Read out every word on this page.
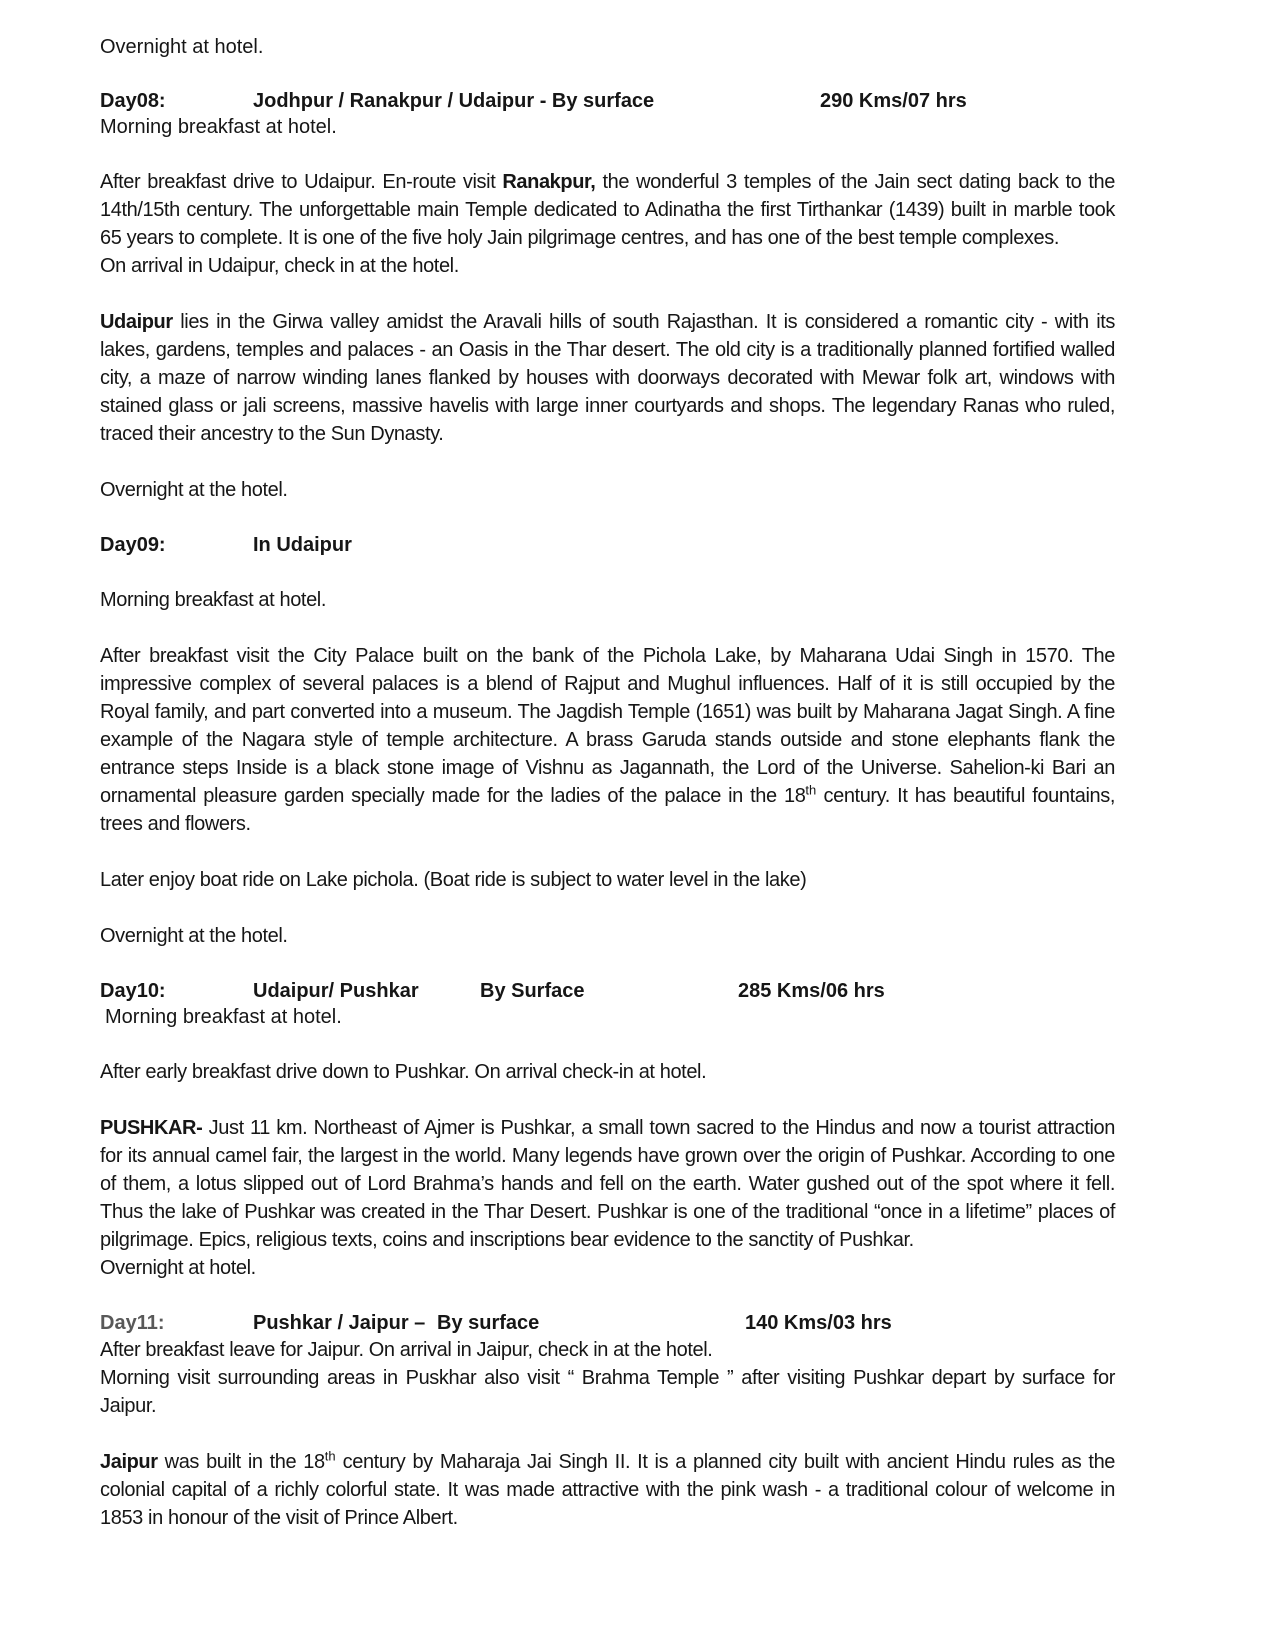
Overnight at hotel.
Day08:	Jodhpur / Ranakpur / Udaipur - By surface	290 Kms/07 hrs
Morning breakfast at hotel.
After breakfast drive to Udaipur. En-route visit Ranakpur, the wonderful 3 temples of the Jain sect dating back to the 14th/15th century. The unforgettable main Temple dedicated to Adinatha the first Tirthankar (1439) built in marble took 65 years to complete. It is one of the five holy Jain pilgrimage centres, and has one of the best temple complexes.
On arrival in Udaipur, check in at the hotel.
Udaipur lies in the Girwa valley amidst the Aravali hills of south Rajasthan. It is considered a romantic city - with its lakes, gardens, temples and palaces - an Oasis in the Thar desert. The old city is a traditionally planned fortified walled city, a maze of narrow winding lanes flanked by houses with doorways decorated with Mewar folk art, windows with stained glass or jali screens, massive havelis with large inner courtyards and shops. The legendary Ranas who ruled, traced their ancestry to the Sun Dynasty.
Overnight at the hotel.
Day09:	In Udaipur
Morning breakfast at hotel.
After breakfast visit the City Palace built on the bank of the Pichola Lake, by Maharana Udai Singh in 1570. The impressive complex of several palaces is a blend of Rajput and Mughul influences. Half of it is still occupied by the Royal family, and part converted into a museum. The Jagdish Temple (1651) was built by Maharana Jagat Singh. A fine example of the Nagara style of temple architecture. A brass Garuda stands outside and stone elephants flank the entrance steps Inside is a black stone image of Vishnu as Jagannath, the Lord of the Universe. Sahelion-ki Bari an ornamental pleasure garden specially made for the ladies of the palace in the 18th century. It has beautiful fountains, trees and flowers.
Later enjoy boat ride on Lake pichola. (Boat ride is subject to water level in the lake)
Overnight at the hotel.
Day10:	Udaipur/ Pushkar	By Surface	285 Kms/06 hrs
Morning breakfast at hotel.
After early breakfast drive down to Pushkar. On arrival check-in at hotel.
PUSHKAR- Just 11 km. Northeast of Ajmer is Pushkar, a small town sacred to the Hindus and now a tourist attraction for its annual camel fair, the largest in the world. Many legends have grown over the origin of Pushkar. According to one of them, a lotus slipped out of Lord Brahma’s hands and fell on the earth. Water gushed out of the spot where it fell. Thus the lake of Pushkar was created in the Thar Desert. Pushkar is one of the traditional “once in a lifetime” places of pilgrimage. Epics, religious texts, coins and inscriptions bear evidence to the sanctity of Pushkar.
Overnight at hotel.
Day11:	Pushkar / Jaipur – By surface	140 Kms/03 hrs
After breakfast leave for Jaipur. On arrival in Jaipur, check in at the hotel.
Morning visit surrounding areas in Puskhar also visit “ Brahma Temple ” after visiting Pushkar depart by surface for Jaipur.
Jaipur was built in the 18th century by Maharaja Jai Singh II. It is a planned city built with ancient Hindu rules as the colonial capital of a richly colorful state. It was made attractive with the pink wash - a traditional colour of welcome in 1853 in honour of the visit of Prince Albert.
